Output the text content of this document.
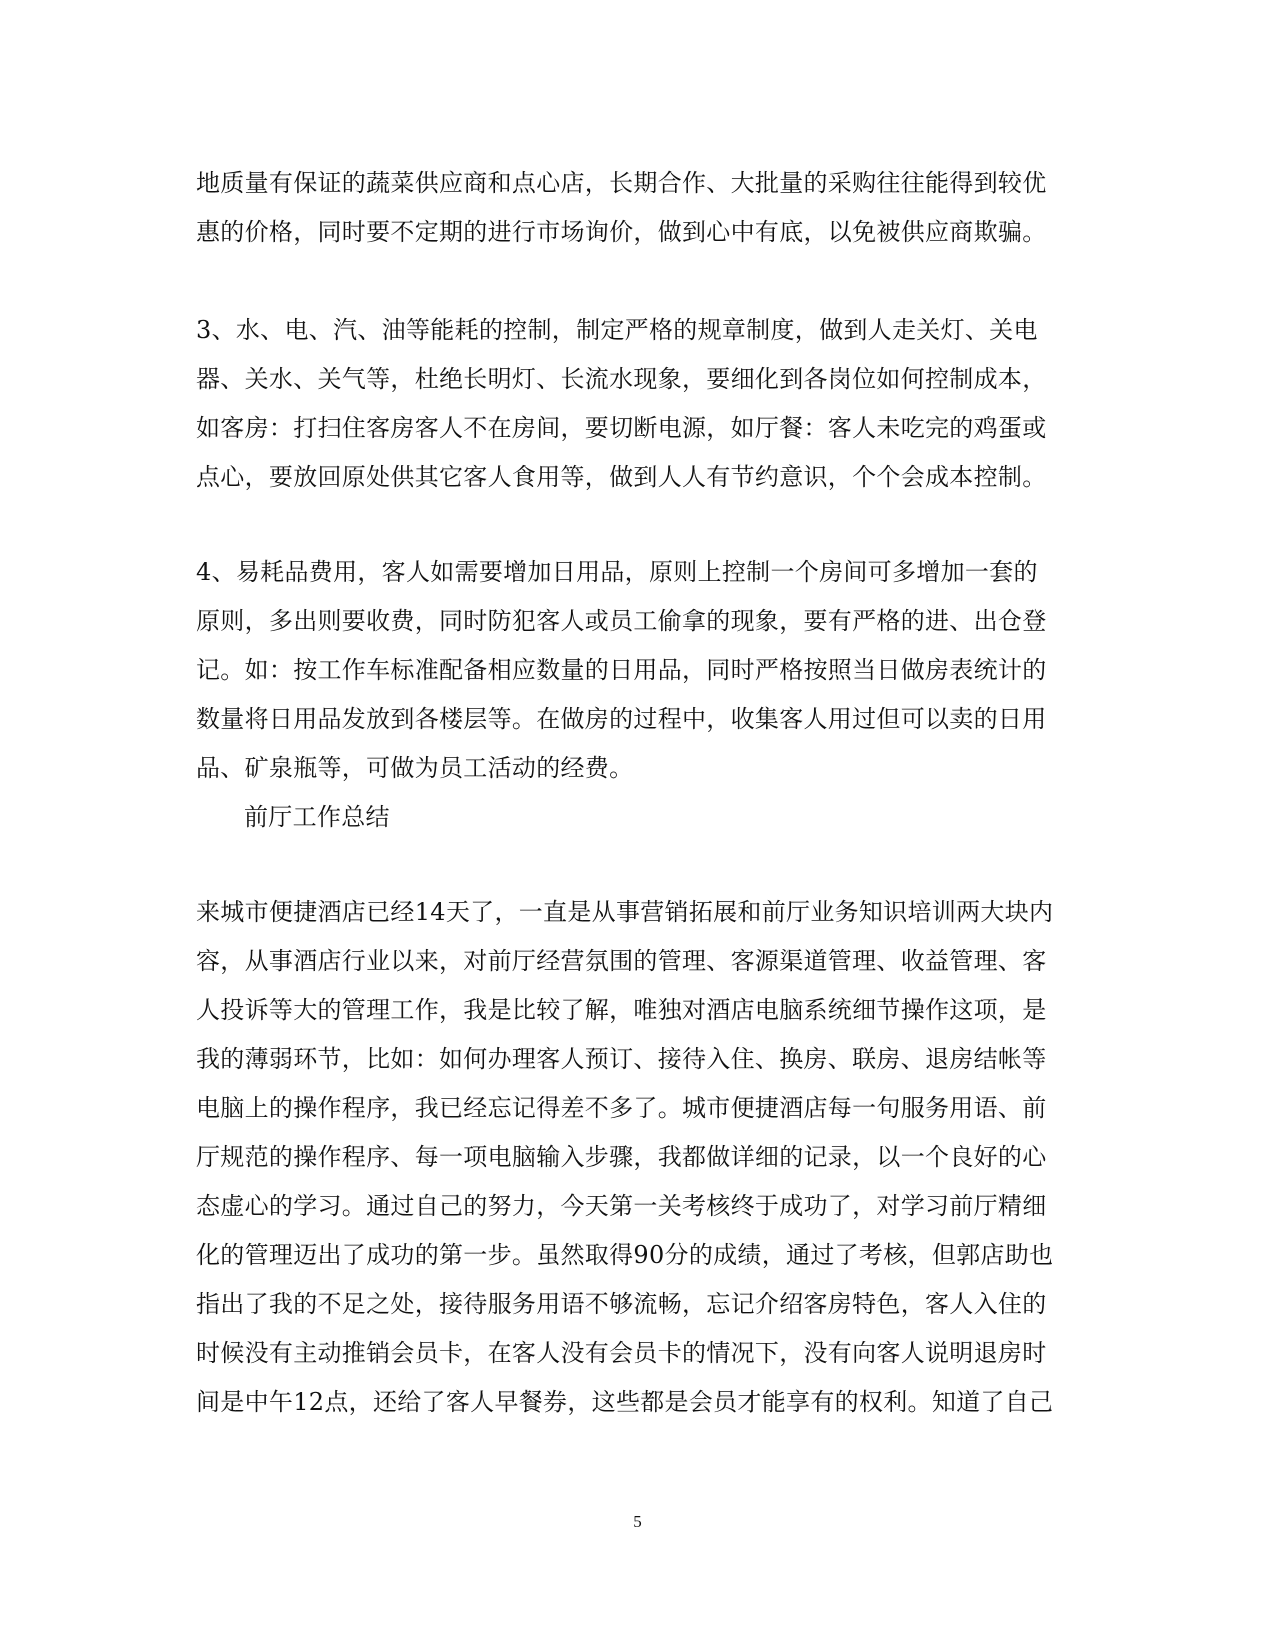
地质量有保证的蔬菜供应商和点心店，长期合作、大批量的采购往往能得到较优
惠的价格，同时要不定期的进行市场询价，做到心中有底，以免被供应商欺骗。
3、水、电、汽、油等能耗的控制，制定严格的规章制度，做到人走关灯、关电
器、关水、关气等，杜绝长明灯、长流水现象，要细化到各岗位如何控制成本，
如客房：打扫住客房客人不在房间，要切断电源，如厅餐：客人未吃完的鸡蛋或
点心，要放回原处供其它客人食用等，做到人人有节约意识，个个会成本控制。
4、易耗品费用，客人如需要增加日用品，原则上控制一个房间可多增加一套的
原则，多出则要收费，同时防犯客人或员工偷拿的现象，要有严格的进、出仓登
记。如：按工作车标准配备相应数量的日用品，同时严格按照当日做房表统计的
数量将日用品发放到各楼层等。在做房的过程中，收集客人用过但可以卖的日用
品、矿泉瓶等，可做为员工活动的经费。
前厅工作总结
来城市便捷酒店已经14天了，一直是从事营销拓展和前厅业务知识培训两大块内
容，从事酒店行业以来，对前厅经营氛围的管理、客源渠道管理、收益管理、客
人投诉等大的管理工作，我是比较了解，唯独对酒店电脑系统细节操作这项，是
我的薄弱环节，比如：如何办理客人预订、接待入住、换房、联房、退房结帐等
电脑上的操作程序，我已经忘记得差不多了。城市便捷酒店每一句服务用语、前
厅规范的操作程序、每一项电脑输入步骤，我都做详细的记录，以一个良好的心
态虚心的学习。通过自己的努力，今天第一关考核终于成功了，对学习前厅精细
化的管理迈出了成功的第一步。虽然取得90分的成绩，通过了考核，但郭店助也
指出了我的不足之处，接待服务用语不够流畅，忘记介绍客房特色，客人入住的
时候没有主动推销会员卡，在客人没有会员卡的情况下，没有向客人说明退房时
间是中午12点，还给了客人早餐券，这些都是会员才能享有的权利。知道了自己
5
